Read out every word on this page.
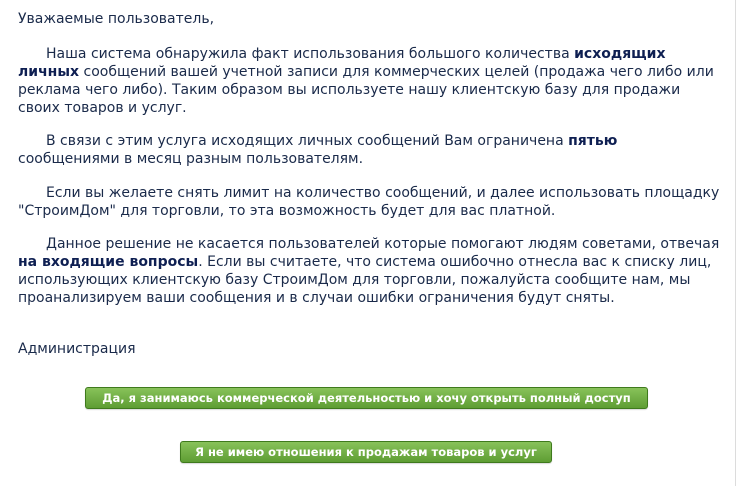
Уважаемые пользователь,

Наша система обнаружила факт использования большого количества исходящих личных сообщений вашей учетной записи для коммерческих целей (продажа чего либо или реклама чего либо). Таким образом вы используете нашу клиентскую базу для продажи своих товаров и услуг.

В связи с этим услуга исходящих личных сообщений Вам ограничена пятью сообщениями в месяц разным пользователям.

Если вы желаете снять лимит на количество сообщений, и далее использовать площадку "СтроимДом" для торговли, то эта возможность будет для вас платной.

Данное решение не касается пользователей которые помогают людям советами, отвечая на входящие вопросы. Если вы считаете, что система ошибочно отнесла вас к списку лиц, использующих клиентскую базу СтроимДом для торговли, пожалуйста сообщите нам, мы проанализируем ваши сообщения и в случаи ошибки ограничения будут сняты.

Администрация
Да, я занимаюсь коммерческой деятельностью и хочу открыть полный доступ
Я не имею отношения к продажам товаров и услуг
